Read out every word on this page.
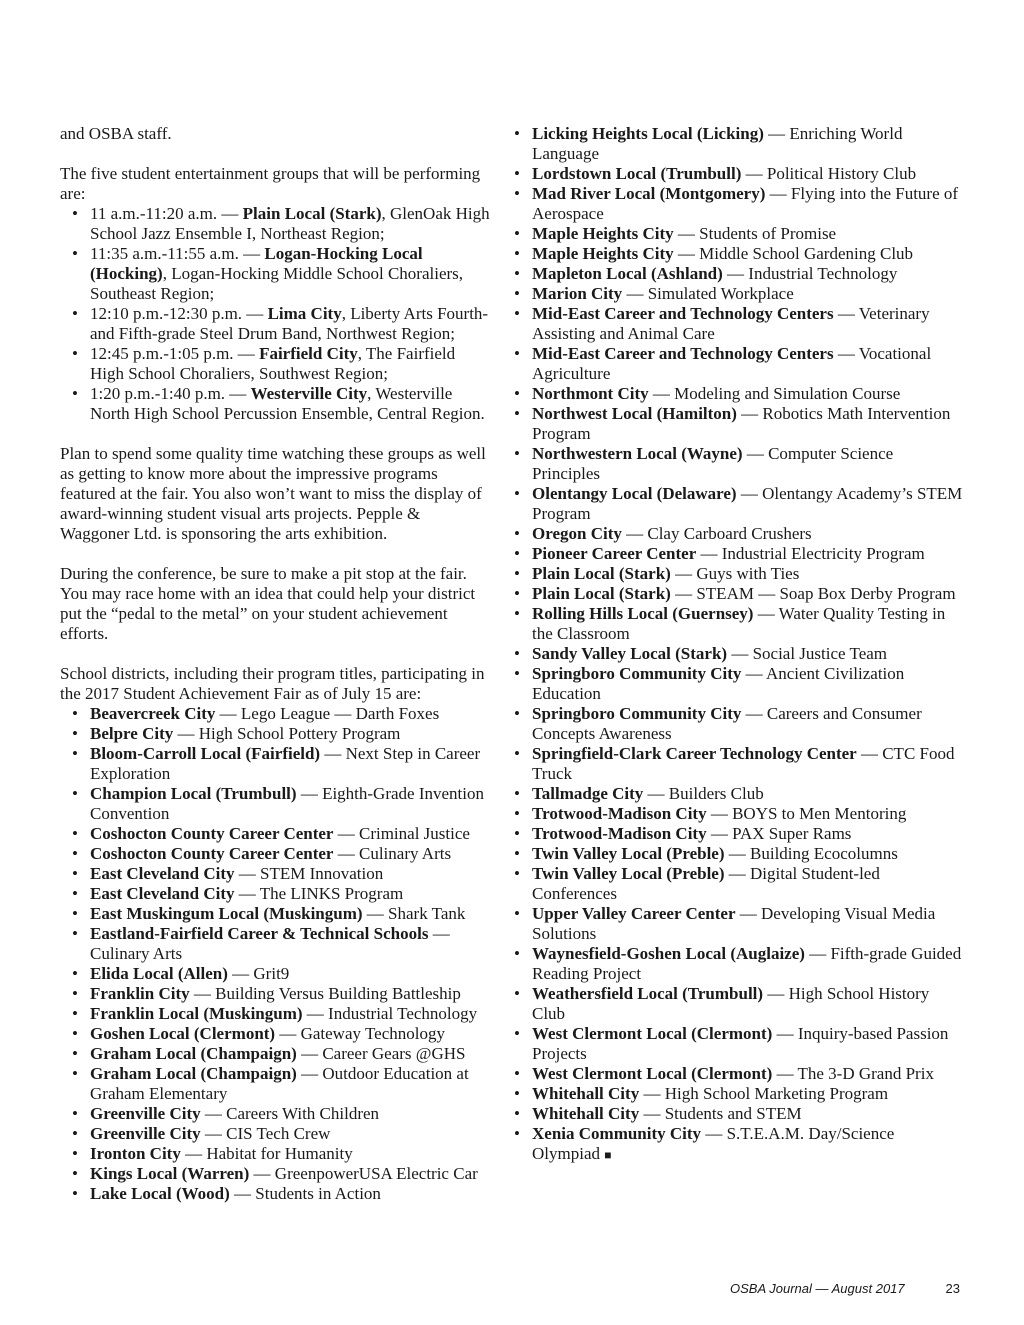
and OSBA staff.

The five student entertainment groups that will be performing are:

• 11 a.m.-11:20 a.m. — Plain Local (Stark), GlenOak High School Jazz Ensemble I, Northeast Region;
• 11:35 a.m.-11:55 a.m. — Logan-Hocking Local (Hocking), Logan-Hocking Middle School Choraliers, Southeast Region;
• 12:10 p.m.-12:30 p.m. — Lima City, Liberty Arts Fourth- and Fifth-grade Steel Drum Band, Northwest Region;
• 12:45 p.m.-1:05 p.m. — Fairfield City, The Fairfield High School Choraliers, Southwest Region;
• 1:20 p.m.-1:40 p.m. — Westerville City, Westerville North High School Percussion Ensemble, Central Region.

Plan to spend some quality time watching these groups as well as getting to know more about the impressive programs featured at the fair. You also won’t want to miss the display of award-winning student visual arts projects. Pepple & Waggoner Ltd. is sponsoring the arts exhibition.

During the conference, be sure to make a pit stop at the fair. You may race home with an idea that could help your district put the “pedal to the metal” on your student achievement efforts.

School districts, including their program titles, participating in the 2017 Student Achievement Fair as of July 15 are:

• Beavercreek City — Lego League — Darth Foxes
• Belpre City — High School Pottery Program
• Bloom-Carroll Local (Fairfield) — Next Step in Career Exploration
• Champion Local (Trumbull) — Eighth-Grade Invention Convention
• Coshocton County Career Center — Criminal Justice
• Coshocton County Career Center — Culinary Arts
• East Cleveland City — STEM Innovation
• East Cleveland City — The LINKS Program
• East Muskingum Local (Muskingum) — Shark Tank
• Eastland-Fairfield Career & Technical Schools — Culinary Arts
• Elida Local (Allen) — Grit9
• Franklin City — Building Versus Building Battleship
• Franklin Local (Muskingum) — Industrial Technology
• Goshen Local (Clermont) — Gateway Technology
• Graham Local (Champaign) — Career Gears @GHS
• Graham Local (Champaign) — Outdoor Education at Graham Elementary
• Greenville City — Careers With Children
• Greenville City — CIS Tech Crew
• Ironton City — Habitat for Humanity
• Kings Local (Warren) — GreenpowerUSA Electric Car
• Lake Local (Wood) — Students in Action
• Licking Heights Local (Licking) — Enriching World Language
• Lordstown Local (Trumbull) — Political History Club
• Mad River Local (Montgomery) — Flying into the Future of Aerospace
• Maple Heights City — Students of Promise
• Maple Heights City — Middle School Gardening Club
• Mapleton Local (Ashland) — Industrial Technology
• Marion City — Simulated Workplace
• Mid-East Career and Technology Centers — Veterinary Assisting and Animal Care
• Mid-East Career and Technology Centers — Vocational Agriculture
• Northmont City — Modeling and Simulation Course
• Northwest Local (Hamilton) — Robotics Math Intervention Program
• Northwestern Local (Wayne) — Computer Science Principles
• Olentangy Local (Delaware) — Olentangy Academy’s STEM Program
• Oregon City — Clay Carboard Crushers
• Pioneer Career Center — Industrial Electricity Program
• Plain Local (Stark) — Guys with Ties
• Plain Local (Stark) — STEAM — Soap Box Derby Program
• Rolling Hills Local (Guernsey) — Water Quality Testing in the Classroom
• Sandy Valley Local (Stark) — Social Justice Team
• Springboro Community City — Ancient Civilization Education
• Springboro Community City — Careers and Consumer Concepts Awareness
• Springfield-Clark Career Technology Center — CTC Food Truck
• Tallmadge City — Builders Club
• Trotwood-Madison City — BOYS to Men Mentoring
• Trotwood-Madison City — PAX Super Rams
• Twin Valley Local (Preble) — Building Ecocolumns
• Twin Valley Local (Preble) — Digital Student-led Conferences
• Upper Valley Career Center — Developing Visual Media Solutions
• Waynesfield-Goshen Local (Auglaize) — Fifth-grade Guided Reading Project
• Weathersfield Local (Trumbull) — High School History Club
• West Clermont Local (Clermont) — Inquiry-based Passion Projects
• West Clermont Local (Clermont) — The 3-D Grand Prix
• Whitehall City — High School Marketing Program
• Whitehall City — Students and STEM
• Xenia Community City — S.T.E.A.M. Day/Science Olympiad ■
OSBA Journal — August 2017	23
